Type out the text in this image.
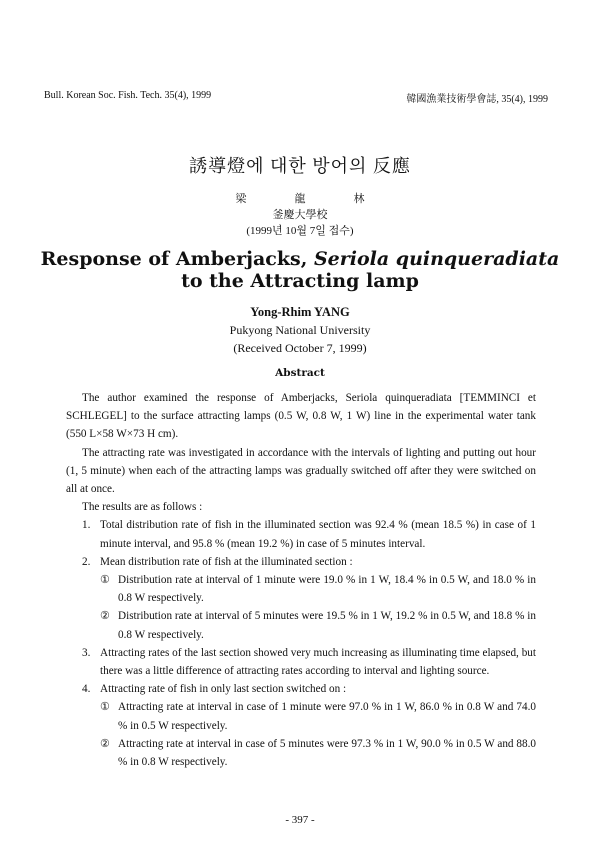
Bull. Korean Soc. Fish. Tech. 35(4), 1999	韓國漁業技術學會誌, 35(4), 1999
誘導燈에 대한 방어의 反應
梁	龍	林
釜慶大學校
(1999년 10월 7일 접수)
Response of Amberjacks, Seriola quinqueradiata
to the Attracting lamp
Yong-Rhim YANG
Pukyong National University
(Received October 7, 1999)
Abstract

The author examined the response of Amberjacks, Seriola quinqueradiata [TEMMINCI et SCHLEGEL] to the surface attracting lamps (0.5 W, 0.8 W, 1 W) line in the experimental water tank (550 L×58 W×73 H cm).

The attracting rate was investigated in accordance with the intervals of lighting and putting out hour (1, 5 minute) when each of the attracting lamps was gradually switched off after they were switched on all at once.

The results are as follows :

1. Total distribution rate of fish in the illuminated section was 92.4 % (mean 18.5 %) in case of 1 minute interval, and 95.8 % (mean 19.2 %) in case of 5 minutes interval.
2. Mean distribution rate of fish at the illuminated section :
① Distribution rate at interval of 1 minute were 19.0 % in 1 W, 18.4 % in 0.5 W, and 18.0 % in 0.8 W respectively.
② Distribution rate at interval of 5 minutes were 19.5 % in 1 W, 19.2 % in 0.5 W, and 18.8 % in 0.8 W respectively.
3. Attracting rates of the last section showed very much increasing as illuminating time elapsed, but there was a little difference of attracting rates according to interval and lighting source.
4. Attracting rate of fish in only last section switched on :
① Attracting rate at interval in case of 1 minute were 97.0 % in 1 W, 86.0 % in 0.8 W and 74.0 % in 0.5 W respectively.
② Attracting rate at interval in case of 5 minutes were 97.3 % in 1 W, 90.0 % in 0.5 W and 88.0 % in 0.8 W respectively.
- 397 -
